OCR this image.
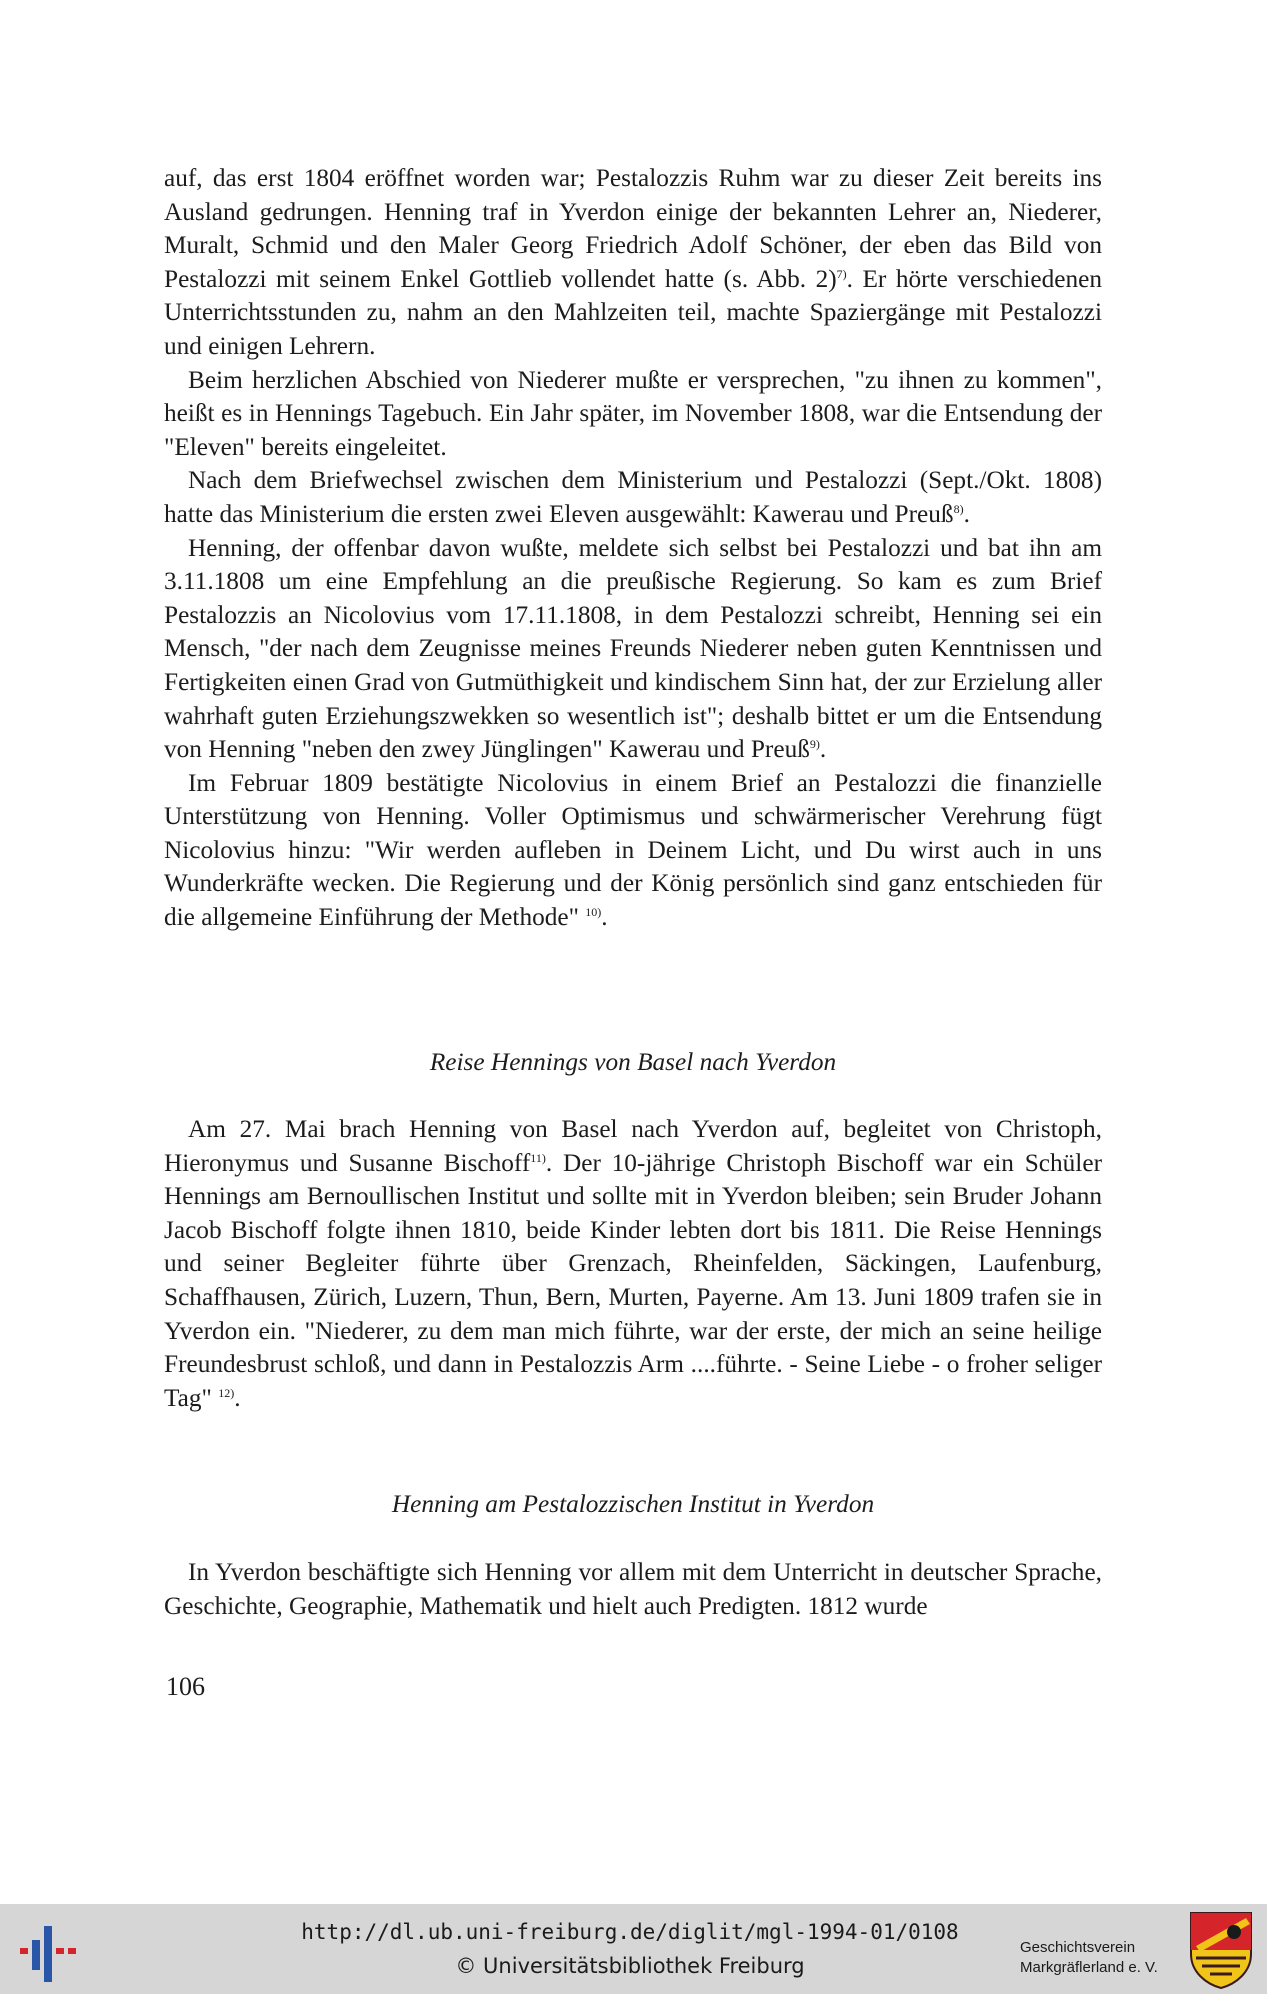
auf, das erst 1804 eröffnet worden war; Pestalozzis Ruhm war zu dieser Zeit bereits ins Ausland gedrungen. Henning traf in Yverdon einige der bekannten Lehrer an, Niederer, Muralt, Schmid und den Maler Georg Friedrich Adolf Schöner, der eben das Bild von Pestalozzi mit seinem Enkel Gottlieb vollendet hatte (s. Abb. 2)$^{7)}$. Er hörte verschiedenen Unterrichtsstunden zu, nahm an den Mahlzeiten teil, machte Spaziergänge mit Pestalozzi und einigen Lehrern.

Beim herzlichen Abschied von Niederer mußte er versprechen, "zu ihnen zu kommen", heißt es in Hennings Tagebuch. Ein Jahr später, im November 1808, war die Entsendung der "Eleven" bereits eingeleitet.

Nach dem Briefwechsel zwischen dem Ministerium und Pestalozzi (Sept./Okt. 1808) hatte das Ministerium die ersten zwei Eleven ausgewählt: Kawerau und Preuß$^{8)}$.

Henning, der offenbar davon wußte, meldete sich selbst bei Pestalozzi und bat ihn am 3.11.1808 um eine Empfehlung an die preußische Regierung. So kam es zum Brief Pestalozzis an Nicolovius vom 17.11.1808, in dem Pestalozzi schreibt, Henning sei ein Mensch, "der nach dem Zeugnisse meines Freunds Niederer neben guten Kenntnissen und Fertigkeiten einen Grad von Gutmüthigkeit und kindischem Sinn hat, der zur Erzielung aller wahrhaft guten Erziehungszwekken so wesentlich ist"; deshalb bittet er um die Entsendung von Henning "neben den zwey Jünglingen" Kawerau und Preuß$^{9)}$.

Im Februar 1809 bestätigte Nicolovius in einem Brief an Pestalozzi die finanzielle Unterstützung von Henning. Voller Optimismus und schwärmerischer Verehrung fügt Nicolovius hinzu: "Wir werden aufleben in Deinem Licht, und Du wirst auch in uns Wunderkräfte wecken. Die Regierung und der König persönlich sind ganz entschieden für die allgemeine Einführung der Methode" $^{10)}$.

Reise Hennings von Basel nach Yverdon

Am 27. Mai brach Henning von Basel nach Yverdon auf, begleitet von Christoph, Hieronymus und Susanne Bischoff$^{11)}$. Der 10-jährige Christoph Bischoff war ein Schüler Hennings am Bernoullischen Institut und sollte mit in Yverdon bleiben; sein Bruder Johann Jacob Bischoff folgte ihnen 1810, beide Kinder lebten dort bis 1811. Die Reise Hennings und seiner Begleiter führte über Grenzach, Rheinfelden, Säckingen, Laufenburg, Schaffhausen, Zürich, Luzern, Thun, Bern, Murten, Payerne. Am 13. Juni 1809 trafen sie in Yverdon ein. "Niederer, zu dem man mich führte, war der erste, der mich an seine heilige Freundesbrust schloß, und dann in Pestalozzis Arm ....führte. - Seine Liebe - o froher seliger Tag" $^{12)}$.

Henning am Pestalozzischen Institut in Yverdon

In Yverdon beschäftigte sich Henning vor allem mit dem Unterricht in deutscher Sprache, Geschichte, Geographie, Mathematik und hielt auch Predigten. 1812 wurde

106
http://dl.ub.uni-freiburg.de/diglit/mgl-1994-01/0108
© Universitätsbibliothek Freiburg
Geschichtsverein
Markgräflerland e. V.
